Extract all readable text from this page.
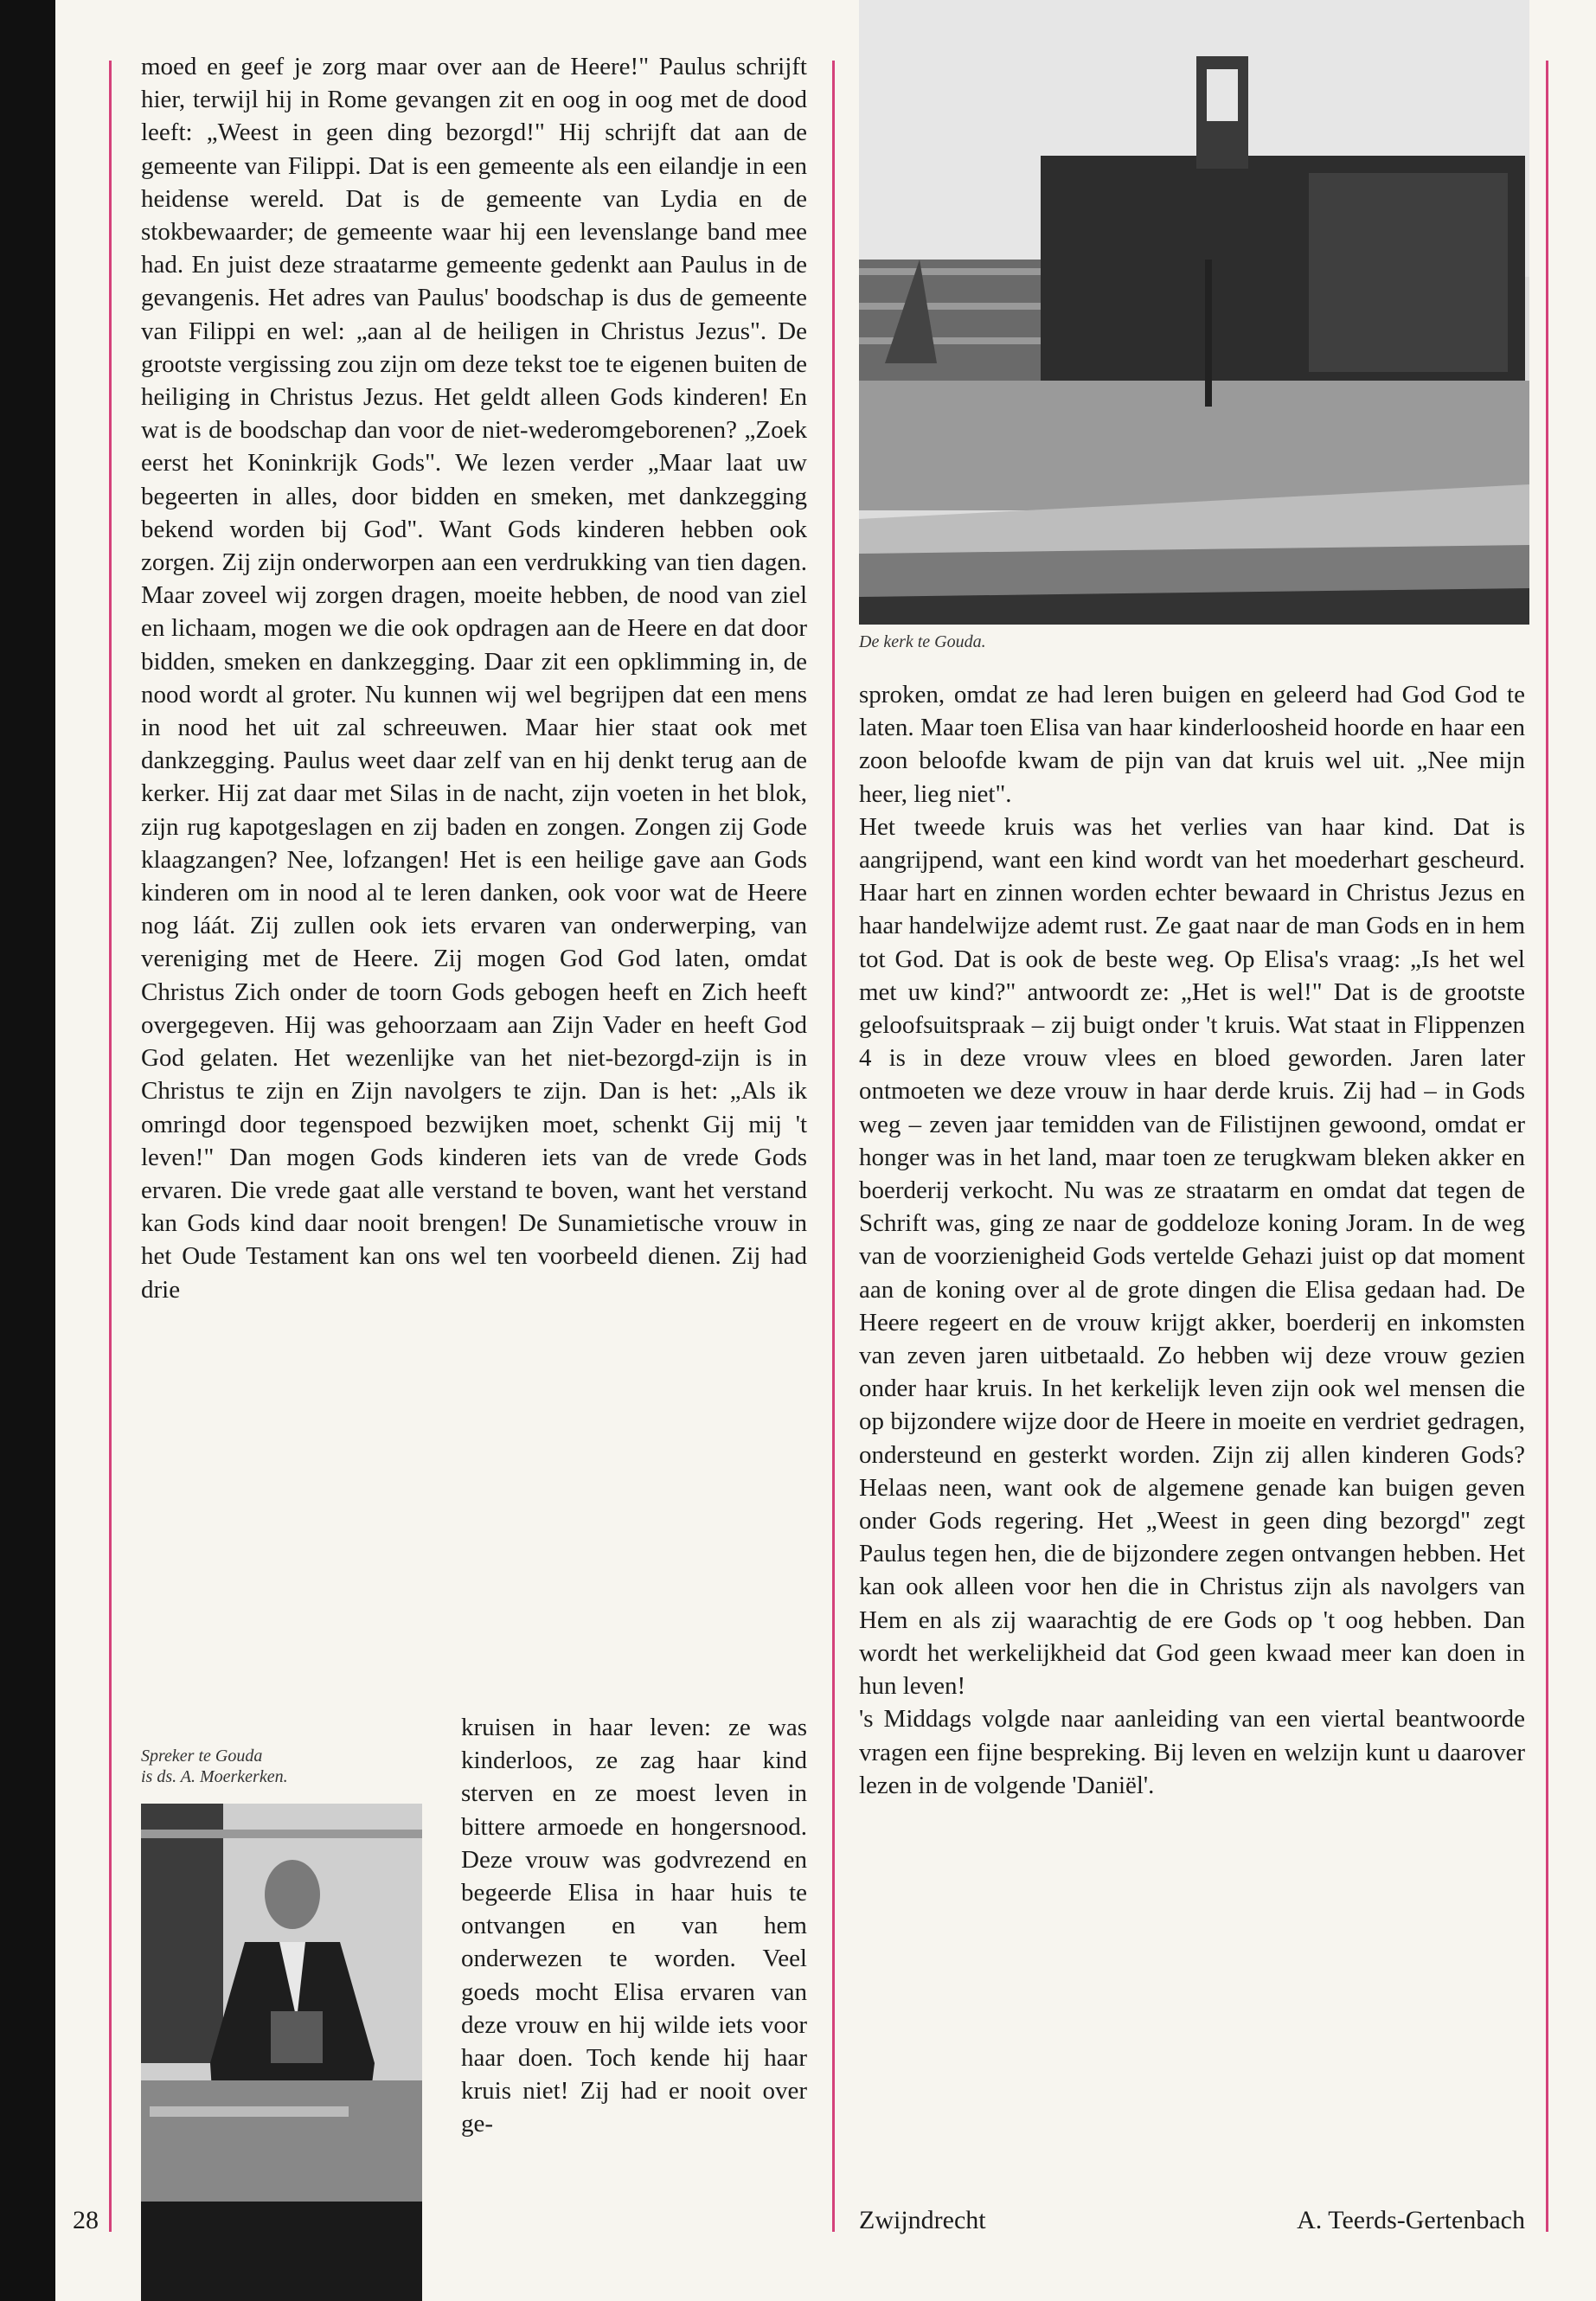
moed en geef je zorg maar over aan de Heere!" Paulus schrijft hier, terwijl hij in Rome gevangen zit en oog in oog met de dood leeft: „Weest in geen ding bezorgd!" Hij schrijft dat aan de gemeente van Filippi. Dat is een gemeente als een eilandje in een heidense wereld. Dat is de gemeente van Lydia en de stokbewaarder; de gemeente waar hij een levenslange band mee had. En juist deze straatarme gemeente gedenkt aan Paulus in de gevangenis. Het adres van Paulus' boodschap is dus de gemeente van Filippi en wel: „aan al de heiligen in Christus Jezus". De grootste vergissing zou zijn om deze tekst toe te eigenen buiten de heiliging in Christus Jezus. Het geldt alleen Gods kinderen! En wat is de boodschap dan voor de niet-wederomgeborenen? „Zoek eerst het Koninkrijk Gods". We lezen verder „Maar laat uw begeerten in alles, door bidden en smeken, met dankzegging bekend worden bij God". Want Gods kinderen hebben ook zorgen. Zij zijn onderworpen aan een verdrukking van tien dagen. Maar zoveel wij zorgen dragen, moeite hebben, de nood van ziel en lichaam, mogen we die ook opdragen aan de Heere en dat door bidden, smeken en dankzegging. Daar zit een opklimming in, de nood wordt al groter. Nu kunnen wij wel begrijpen dat een mens in nood het uit zal schreeuwen. Maar hier staat ook met dankzegging. Paulus weet daar zelf van en hij denkt terug aan de kerker. Hij zat daar met Silas in de nacht, zijn voeten in het blok, zijn rug kapotgeslagen en zij baden en zongen. Zongen zij Gode klaagzangen? Nee, lofzangen! Het is een heilige gave aan Gods kinderen om in nood al te leren danken, ook voor wat de Heere nog láát. Zij zullen ook iets ervaren van onderwerping, van vereniging met de Heere. Zij mogen God God laten, omdat Christus Zich onder de toorn Gods gebogen heeft en Zich heeft overgegeven. Hij was gehoorzaam aan Zijn Vader en heeft God God gelaten. Het wezenlijke van het niet-bezorgd-zijn is in Christus te zijn en Zijn navolgers te zijn. Dan is het: „Als ik omringd door tegenspoed bezwijken moet, schenkt Gij mij 't leven!" Dan mogen Gods kinderen iets van de vrede Gods ervaren. Die vrede gaat alle verstand te boven, want het verstand kan Gods kind daar nooit brengen! De Sunamietische vrouw in het Oude Testament kan ons wel ten voorbeeld dienen. Zij had drie

Spreker te Gouda
is ds. A. Moerkerken.

kruisen in haar leven: ze was kinderloos, ze zag haar kind sterven en ze moest leven in bittere armoede en hongersnood. Deze vrouw was godvrezend en begeerde Elisa in haar huis te ontvangen en van hem onderwezen te worden. Veel goeds mocht Elisa ervaren van deze vrouw en hij wilde iets voor haar doen. Toch kende hij haar kruis niet! Zij had er nooit over ge-

De kerk te Gouda.

sproken, omdat ze had leren buigen en geleerd had God God te laten. Maar toen Elisa van haar kinderloosheid hoorde en haar een zoon beloofde kwam de pijn van dat kruis wel uit. „Nee mijn heer, lieg niet".

Het tweede kruis was het verlies van haar kind. Dat is aangrijpend, want een kind wordt van het moederhart gescheurd. Haar hart en zinnen worden echter bewaard in Christus Jezus en haar handelwijze ademt rust. Ze gaat naar de man Gods en in hem tot God. Dat is ook de beste weg. Op Elisa's vraag: „Is het wel met uw kind?" antwoordt ze: „Het is wel!" Dat is de grootste geloofsuitspraak – zij buigt onder 't kruis. Wat staat in Flippenzen 4 is in deze vrouw vlees en bloed geworden. Jaren later ontmoeten we deze vrouw in haar derde kruis. Zij had – in Gods weg – zeven jaar temidden van de Filistijnen gewoond, omdat er honger was in het land, maar toen ze terugkwam bleken akker en boerderij verkocht. Nu was ze straatarm en omdat dat tegen de Schrift was, ging ze naar de goddeloze koning Joram. In de weg van de voorzienigheid Gods vertelde Gehazi juist op dat moment aan de koning over al de grote dingen die Elisa gedaan had. De Heere regeert en de vrouw krijgt akker, boerderij en inkomsten van zeven jaren uitbetaald. Zo hebben wij deze vrouw gezien onder haar kruis. In het kerkelijk leven zijn ook wel mensen die op bijzondere wijze door de Heere in moeite en verdriet gedragen, ondersteund en gesterkt worden. Zijn zij allen kinderen Gods? Helaas neen, want ook de algemene genade kan buigen geven onder Gods regering. Het „Weest in geen ding bezorgd" zegt Paulus tegen hen, die de bijzondere zegen ontvangen hebben. Het kan ook alleen voor hen die in Christus zijn als navolgers van Hem en als zij waarachtig de ere Gods op 't oog hebben. Dan wordt het werkelijkheid dat God geen kwaad meer kan doen in hun leven!

's Middags volgde naar aanleiding van een viertal beantwoorde vragen een fijne bespreking. Bij leven en welzijn kunt u daarover lezen in de volgende 'Daniël'.

28	Zwijndrecht	A. Teerds-Gertenbach
